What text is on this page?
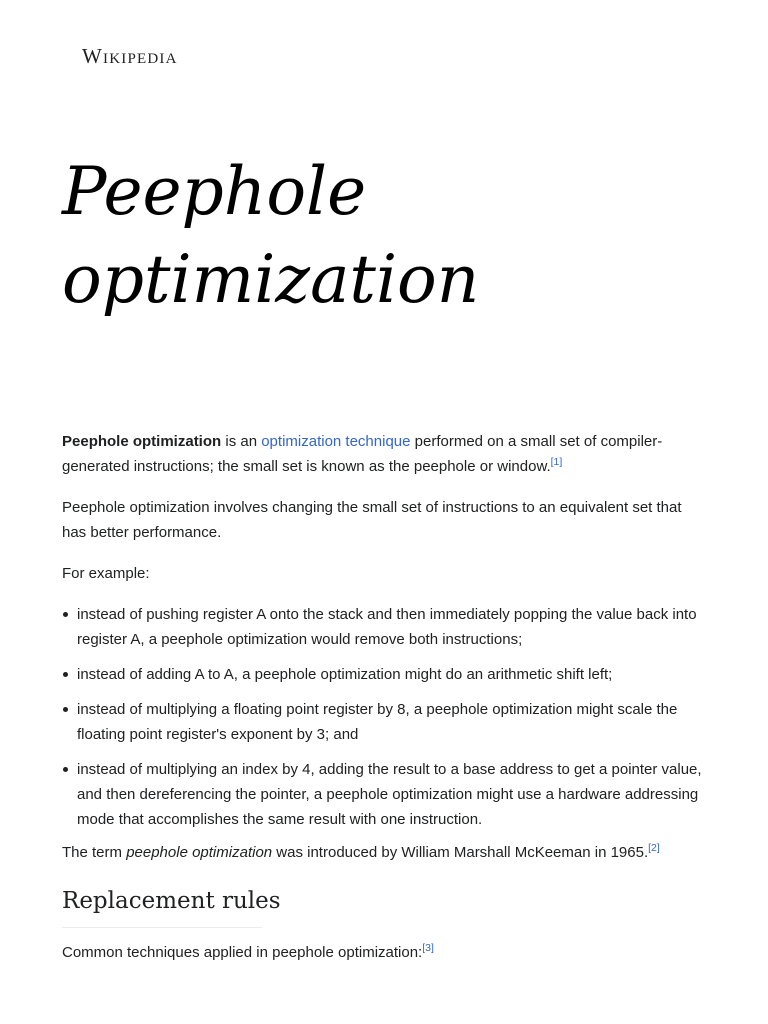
Wikipedia
Peephole
optimization

Peephole optimization is an optimization technique performed on a small set of compiler-generated instructions; the small set is known as the peephole or window.[1]

Peephole optimization involves changing the small set of instructions to an equivalent set that has better performance.

For example:

instead of pushing register A onto the stack and then immediately popping the value back into register A, a peephole optimization would remove both instructions;
instead of adding A to A, a peephole optimization might do an arithmetic shift left;
instead of multiplying a floating point register by 8, a peephole optimization might scale the floating point register's exponent by 3; and
instead of multiplying an index by 4, adding the result to a base address to get a pointer value, and then dereferencing the pointer, a peephole optimization might use a hardware addressing mode that accomplishes the same result with one instruction.

The term peephole optimization was introduced by William Marshall McKeeman in 1965.[2]

Replacement rules

Common techniques applied in peephole optimization:[3]
